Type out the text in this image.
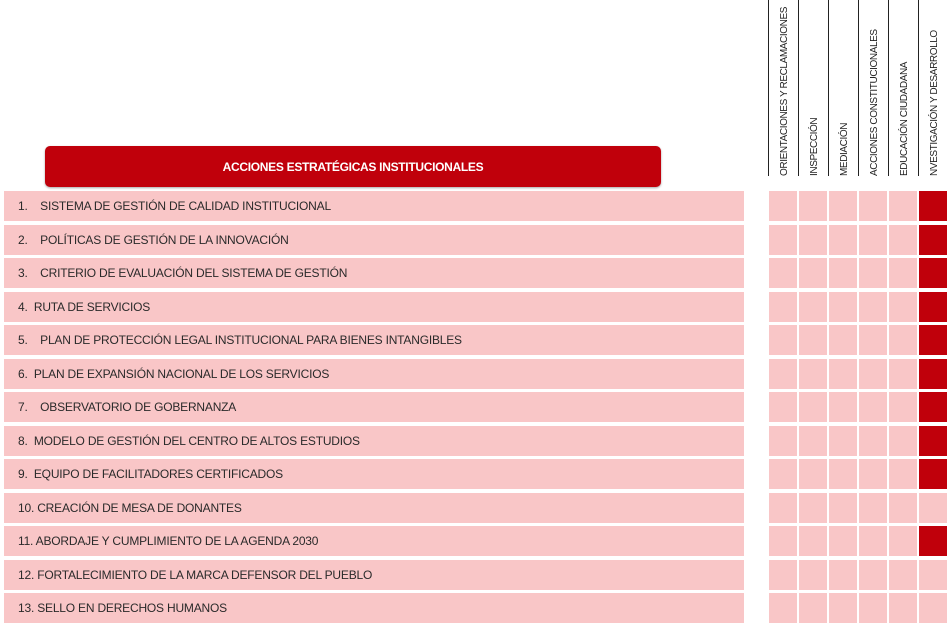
ACCIONES ESTRATÉGICAS INSTITUCIONALES	ORIENTACIONES Y RECLAMACIONES INSPECCIÓN MEDIACIÓN ACCIONES CONSTITUCIONALES EDUCACIÓN CIUDADANA NVESTIGACIÓN Y DESARROLLO
1.    SISTEMA DE GESTIÓN DE CALIDAD INSTITUCIONAL
2.    POLÍTICAS DE GESTIÓN DE LA INNOVACIÓN
3.    CRITERIO DE EVALUACIÓN DEL SISTEMA DE GESTIÓN
4.  RUTA DE SERVICIOS
5.    PLAN DE PROTECCIÓN LEGAL INSTITUCIONAL PARA BIENES INTANGIBLES
6.  PLAN DE EXPANSIÓN NACIONAL DE LOS SERVICIOS
7.    OBSERVATORIO DE GOBERNANZA
8.  MODELO DE GESTIÓN DEL CENTRO DE ALTOS ESTUDIOS
9.  EQUIPO DE FACILITADORES CERTIFICADOS
10. CREACIÓN DE MESA DE DONANTES
11. ABORDAJE Y CUMPLIMIENTO DE LA AGENDA 2030
12. FORTALECIMIENTO DE LA MARCA DEFENSOR DEL PUEBLO
13. SELLO EN DERECHOS HUMANOS
